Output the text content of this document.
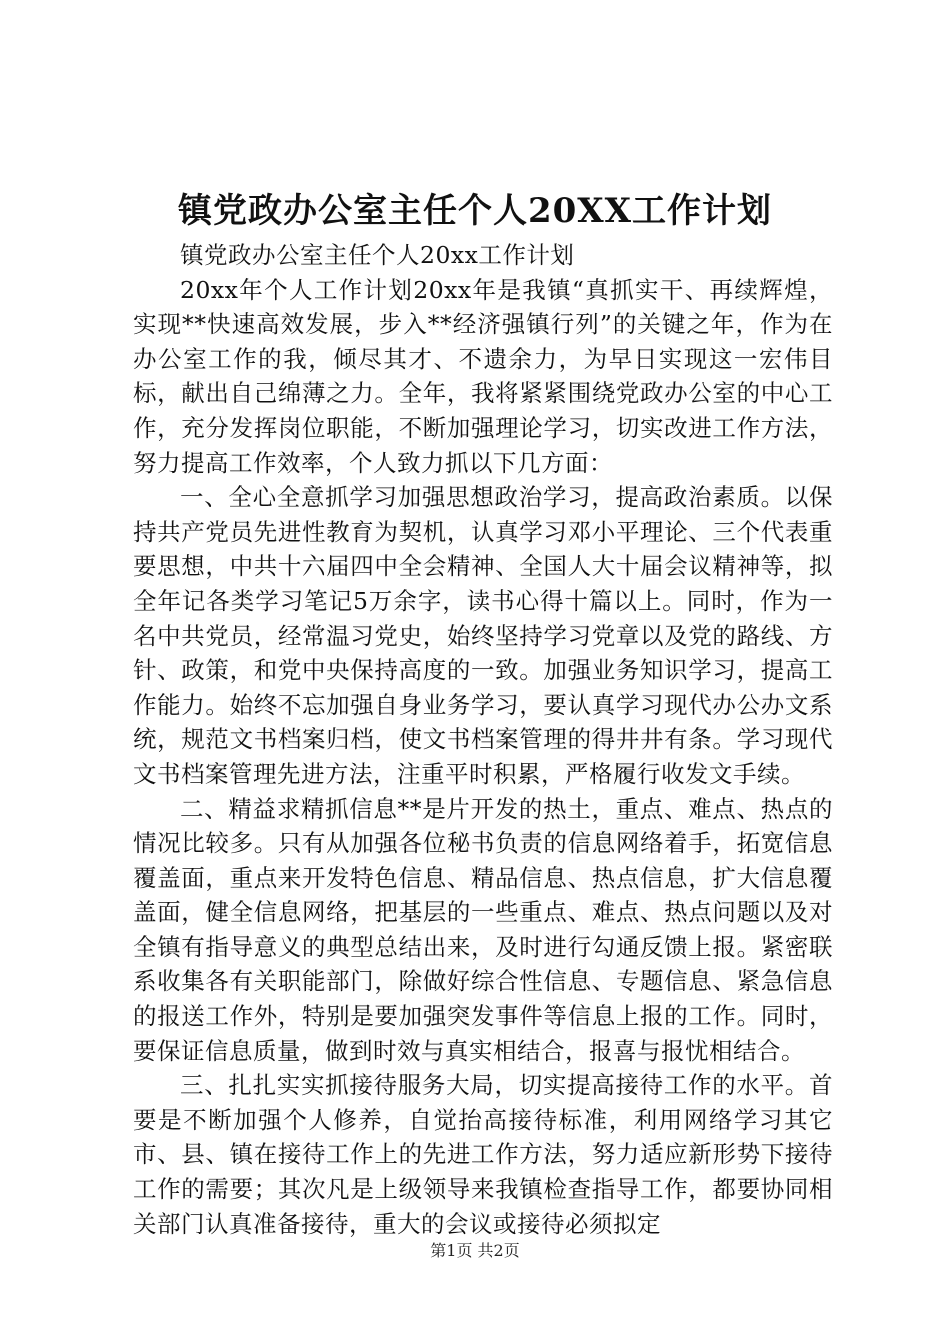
镇党政办公室主任个人20XX工作计划

镇党政办公室主任个人20xx工作计划

20xx年个人工作计划20xx年是我镇“真抓实干、再续辉煌，实现**快速高效发展，步入**经济强镇行列”的关键之年，作为在办公室工作的我，倾尽其才、不遗余力，为早日实现这一宏伟目标，献出自己绵薄之力。全年，我将紧紧围绕党政办公室的中心工作，充分发挥岗位职能，不断加强理论学习，切实改进工作方法，努力提高工作效率，个人致力抓以下几方面：

一、全心全意抓学习加强思想政治学习，提高政治素质。以保持共产党员先进性教育为契机，认真学习邓小平理论、三个代表重要思想，中共十六届四中全会精神、全国人大十届会议精神等，拟全年记各类学习笔记5万余字，读书心得十篇以上。同时，作为一名中共党员，经常温习党史，始终坚持学习党章以及党的路线、方针、政策，和党中央保持高度的一致。加强业务知识学习，提高工作能力。始终不忘加强自身业务学习，要认真学习现代办公办文系统，规范文书档案归档，使文书档案管理的得井井有条。学习现代文书档案管理先进方法，注重平时积累，严格履行收发文手续。

二、精益求精抓信息**是片开发的热土，重点、难点、热点的情况比较多。只有从加强各位秘书负责的信息网络着手，拓宽信息覆盖面，重点来开发特色信息、精品信息、热点信息，扩大信息覆盖面，健全信息网络，把基层的一些重点、难点、热点问题以及对全镇有指导意义的典型总结出来，及时进行勾通反馈上报。紧密联系收集各有关职能部门，除做好综合性信息、专题信息、紧急信息的报送工作外，特别是要加强突发事件等信息上报的工作。同时，要保证信息质量，做到时效与真实相结合，报喜与报忧相结合。

三、扎扎实实抓接待服务大局，切实提高接待工作的水平。首要是不断加强个人修养，自觉抬高接待标准，利用网络学习其它市、县、镇在接待工作上的先进工作方法，努力适应新形势下接待工作的需要；其次凡是上级领导来我镇检查指导工作，都要协同相关部门认真准备接待，重大的会议或接待必须拟定

第1页 共2页
